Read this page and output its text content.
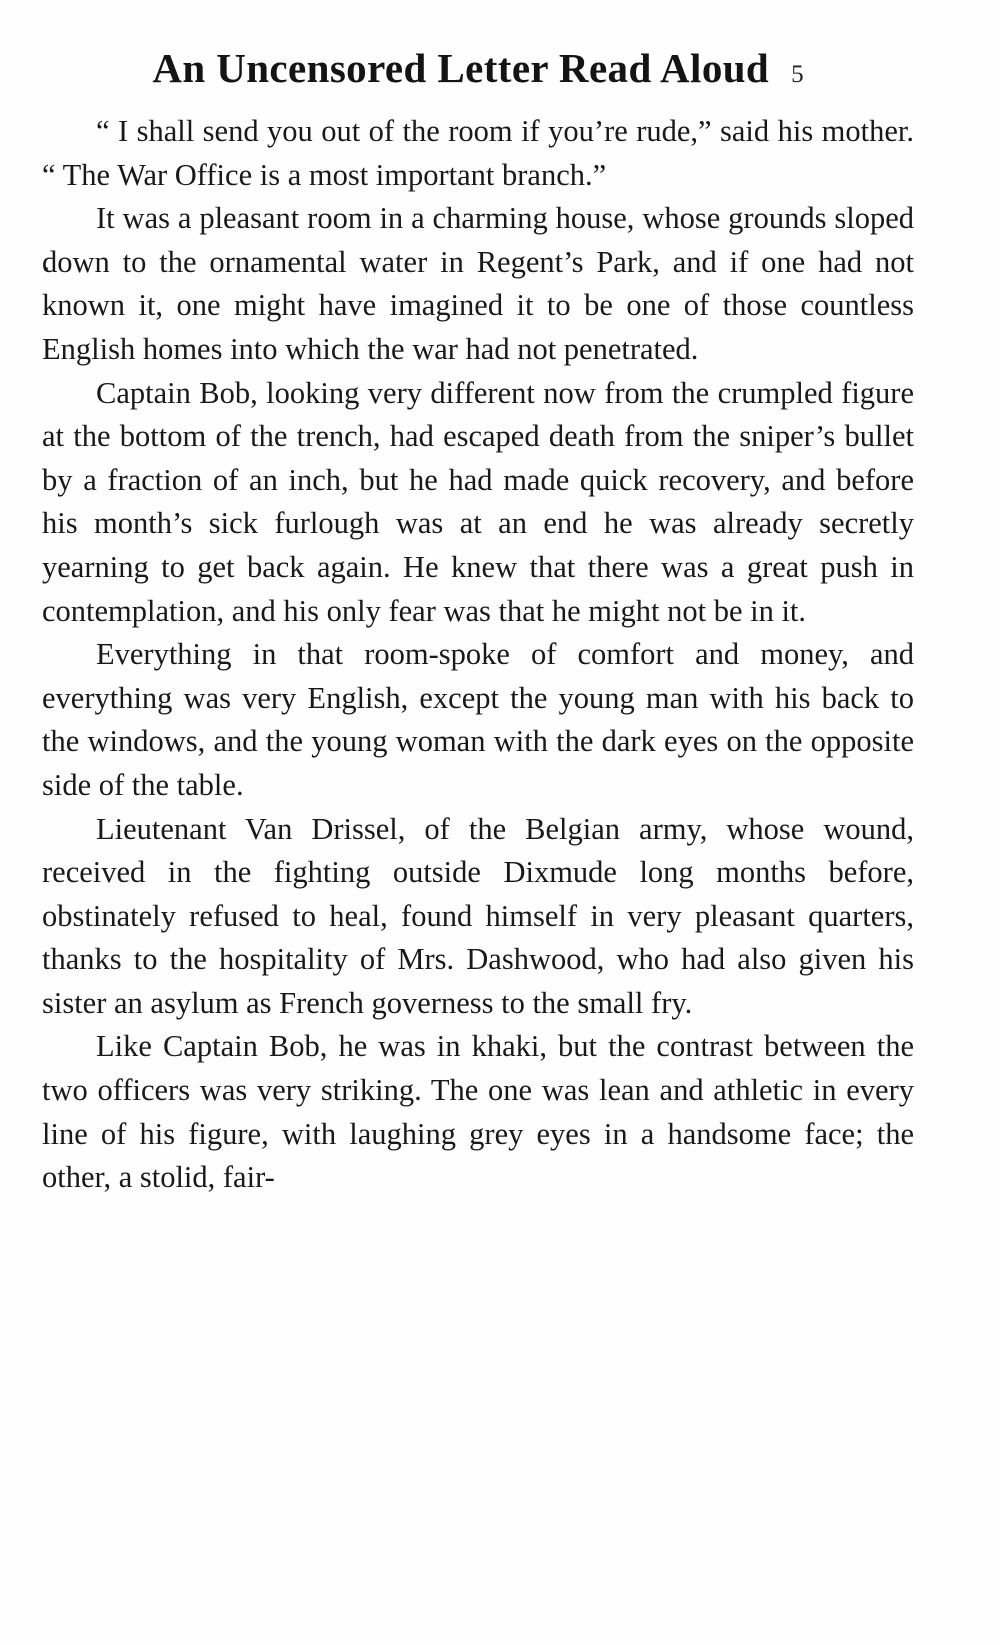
An Uncensored Letter Read Aloud 5

“ I shall send you out of the room if you’re rude,” said his mother. “ The War Office is a most important branch.”

It was a pleasant room in a charming house, whose grounds sloped down to the ornamental water in Regent’s Park, and if one had not known it, one might have imagined it to be one of those countless English homes into which the war had not penetrated.

Captain Bob, looking very different now from the crumpled figure at the bottom of the trench, had escaped death from the sniper’s bullet by a fraction of an inch, but he had made quick recovery, and before his month’s sick furlough was at an end he was already secretly yearning to get back again. He knew that there was a great push in contemplation, and his only fear was that he might not be in it.

Everything in that room-spoke of comfort and money, and everything was very English, except the young man with his back to the windows, and the young woman with the dark eyes on the opposite side of the table.

Lieutenant Van Drissel, of the Belgian army, whose wound, received in the fighting outside Dixmude long months before, obstinately refused to heal, found himself in very pleasant quarters, thanks to the hospitality of Mrs. Dashwood, who had also given his sister an asylum as French governess to the small fry.

Like Captain Bob, he was in khaki, but the contrast between the two officers was very striking. The one was lean and athletic in every line of his figure, with laughing grey eyes in a handsome face; the other, a stolid, fair-
